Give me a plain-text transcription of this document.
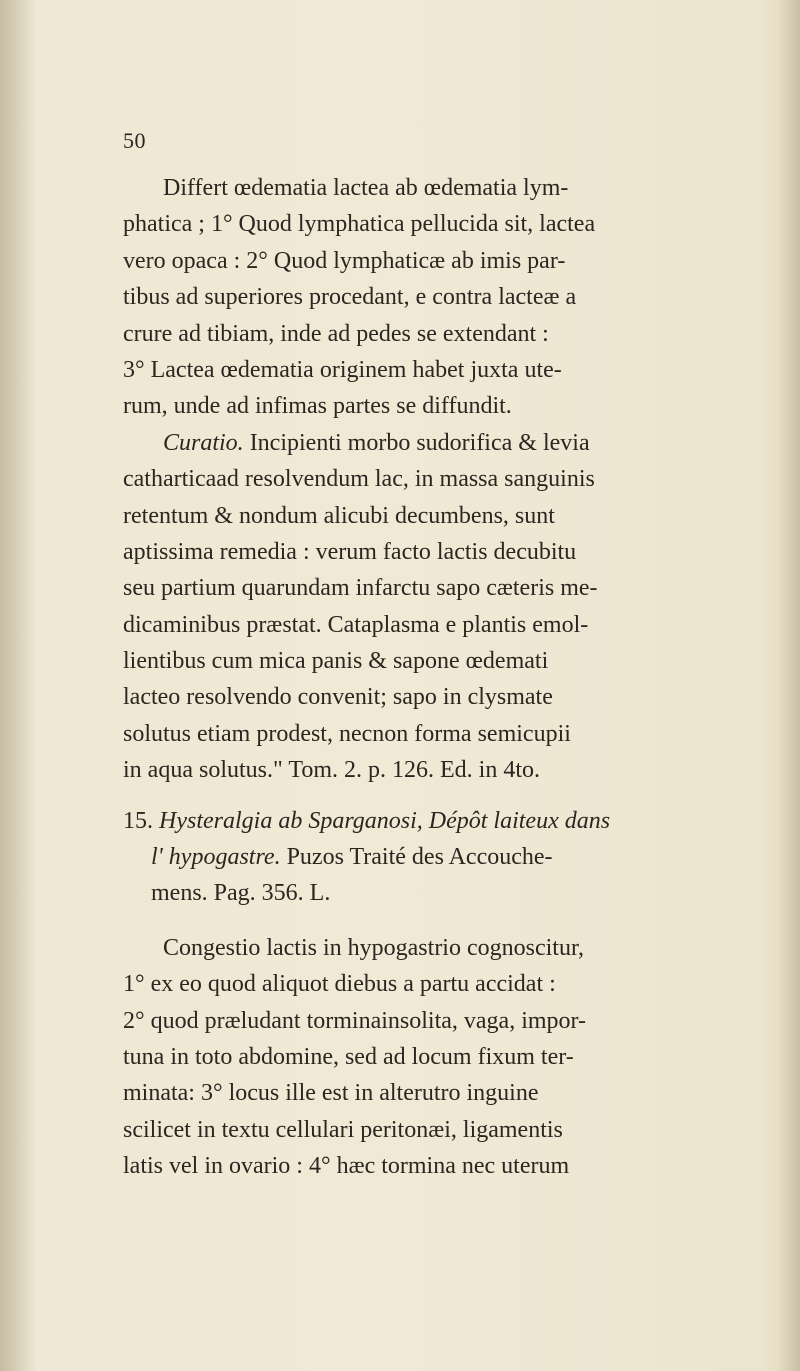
50
Differt œdematia lactea ab œdematia lym-
phatica ; 1° Quod lymphatica pellucida sit, lactea
vero opaca : 2° Quod lymphaticæ ab imis par-
tibus ad superiores procedant, e contra lacteæ a
crure ad tibiam, inde ad pedes se extendant :
3° Lactea œdematia originem habet juxta ute-
rum, unde ad infimas partes se diffundit.
Curatio. Incipienti morbo sudorifica & levia
catharticaad resolvendum lac, in massa sanguinis
retentum & nondum alicubi decumbens, sunt
aptissima remedia : verum facto lactis decubitu
seu partium quarundam infarctu sapo cæteris me-
dicaminibus præstat. Cataplasma e plantis emol-
lientibus cum mica panis & sapone œdemati
lacteo resolvendo convenit; sapo in clysmate
solutus etiam prodest, necnon forma semicupii
in aqua solutus." Tom. 2. p. 126. Ed. in 4to.
15. Hysteralgia ab Sparganosi, Dépôt laiteux dans
l' hypogastre. Puzos Traité des Accouche-
mens. Pag. 356. L.
Congestio lactis in hypogastrio cognoscitur,
1° ex eo quod aliquot diebus a partu accidat :
2° quod præludant torminainsolita, vaga, impor-
tuna in toto abdomine, sed ad locum fixum ter-
minata: 3° locus ille est in alterutro inguine
scilicet in textu cellulari peritonæi, ligamentis
latis vel in ovario : 4° hæc tormina nec uterum
